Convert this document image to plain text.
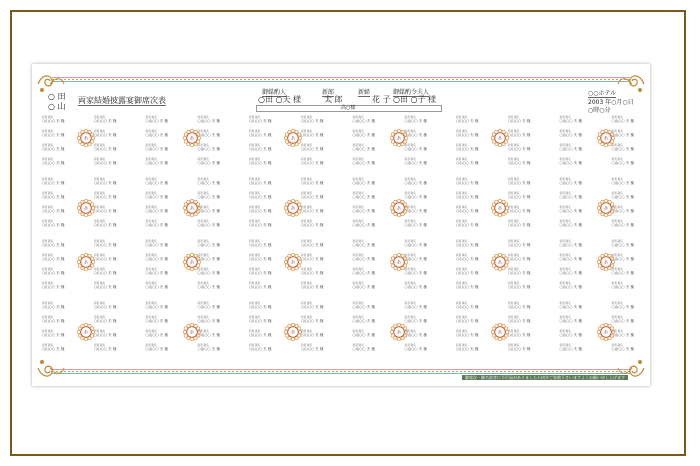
○ 田
○ 山
両家結婚披露宴御席次表
御媒酌人
○田 ○夫 様
新郎
太 郎
新婦
花 子
御媒酌令夫人
○田 ○子 様
○○ホテル
2003 年○月○日
○時○分
高○様
肩書 御名
○山○○ 夫 様
肩書 御名
○山○○ 夫 様
肩書 御名
○山○○ 夫 様
肩書 御名
○山○○ 夫 様
肩書 御名
○山○○ 夫 様
肩書 御名
○山○○ 夫 様
肩書 御名
○山○○ 夫 様
肩書 御名
○山○○ 夫 様
あ
肩書 御名
○山○○ 夫 様
肩書 御名
○山○○ 夫 様
肩書 御名
○山○○ 夫 様
肩書 御名
○山○○ 夫 様
肩書 御名
○山○○ 夫 様
肩書 御名
○山○○ 夫 様
肩書 御名
○山○○ 夫 様
肩書 御名
○山○○ 夫 様
あ
肩書 御名
○山○○ 夫 様
肩書 御名
○山○○ 夫 様
肩書 御名
○山○○ 夫 様
肩書 御名
○山○○ 夫 様
肩書 御名
○山○○ 夫 様
肩書 御名
○山○○ 夫 様
肩書 御名
○山○○ 夫 様
肩書 御名
○山○○ 夫 様
あ
肩書 御名
○山○○ 夫 様
肩書 御名
○山○○ 夫 様
肩書 御名
○山○○ 夫 様
肩書 御名
○山○○ 夫 様
肩書 御名
○山○○ 夫 様
肩書 御名
○山○○ 夫 様
肩書 御名
○山○○ 夫 様
肩書 御名
○山○○ 夫 様
あ
肩書 御名
○山○○ 夫 様
肩書 御名
○山○○ 夫 様
肩書 御名
○山○○ 夫 様
肩書 御名
○山○○ 夫 様
肩書 御名
○山○○ 夫 様
肩書 御名
○山○○ 夫 様
肩書 御名
○山○○ 夫 様
肩書 御名
○山○○ 夫 様
あ
肩書 御名
○山○○ 夫 様
肩書 御名
○山○○ 夫 様
肩書 御名
○山○○ 夫 様
肩書 御名
○山○○ 夫 様
肩書 御名
○山○○ 夫 様
肩書 御名
○山○○ 夫 様
肩書 御名
○山○○ 夫 様
肩書 御名
○山○○ 夫 様
あ
肩書 御名
○山○○ 夫 様
肩書 御名
○山○○ 夫 様
肩書 御名
○山○○ 夫 様
肩書 御名
○山○○ 夫 様
肩書 御名
○山○○ 夫 様
肩書 御名
○山○○ 夫 様
肩書 御名
○山○○ 夫 様
肩書 御名
○山○○ 夫 様
あ
肩書 御名
○山○○ 夫 様
肩書 御名
○山○○ 夫 様
肩書 御名
○山○○ 夫 様
肩書 御名
○山○○ 夫 様
肩書 御名
○山○○ 夫 様
肩書 御名
○山○○ 夫 様
肩書 御名
○山○○ 夫 様
肩書 御名
○山○○ 夫 様
あ
肩書 御名
○山○○ 夫 様
肩書 御名
○山○○ 夫 様
肩書 御名
○山○○ 夫 様
肩書 御名
○山○○ 夫 様
肩書 御名
○山○○ 夫 様
肩書 御名
○山○○ 夫 様
肩書 御名
○山○○ 夫 様
肩書 御名
○山○○ 夫 様
あ
肩書 御名
○山○○ 夫 様
肩書 御名
○山○○ 夫 様
肩書 御名
○山○○ 夫 様
肩書 御名
○山○○ 夫 様
肩書 御名
○山○○ 夫 様
肩書 御名
○山○○ 夫 様
肩書 御名
○山○○ 夫 様
肩書 御名
○山○○ 夫 様
あ
肩書 御名
○山○○ 夫 様
肩書 御名
○山○○ 夫 様
肩書 御名
○山○○ 夫 様
肩書 御名
○山○○ 夫 様
肩書 御名
○山○○ 夫 様
肩書 御名
○山○○ 夫 様
肩書 御名
○山○○ 夫 様
肩書 御名
○山○○ 夫 様
あ
肩書 御名
○山○○ 夫 様
肩書 御名
○山○○ 夫 様
肩書 御名
○山○○ 夫 様
肩書 御名
○山○○ 夫 様
肩書 御名
○山○○ 夫 様
肩書 御名
○山○○ 夫 様
肩書 御名
○山○○ 夫 様
肩書 御名
○山○○ 夫 様
あ
肩書 御名
○山○○ 夫 様
肩書 御名
○山○○ 夫 様
肩書 御名
○山○○ 夫 様
肩書 御名
○山○○ 夫 様
肩書 御名
○山○○ 夫 様
肩書 御名
○山○○ 夫 様
肩書 御名
○山○○ 夫 様
肩書 御名
○山○○ 夫 様
あ
肩書 御名
○山○○ 夫 様
肩書 御名
○山○○ 夫 様
肩書 御名
○山○○ 夫 様
肩書 御名
○山○○ 夫 様
肩書 御名
○山○○ 夫 様
肩書 御名
○山○○ 夫 様
肩書 御名
○山○○ 夫 様
肩書 御名
○山○○ 夫 様
あ
肩書 御名
○山○○ 夫 様
肩書 御名
○山○○ 夫 様
肩書 御名
○山○○ 夫 様
肩書 御名
○山○○ 夫 様
肩書 御名
○山○○ 夫 様
肩書 御名
○山○○ 夫 様
肩書 御名
○山○○ 夫 様
肩書 御名
○山○○ 夫 様
あ
肩書 御名
○山○○ 夫 様
肩書 御名
○山○○ 夫 様
肩書 御名
○山○○ 夫 様
肩書 御名
○山○○ 夫 様
肩書 御名
○山○○ 夫 様
肩書 御名
○山○○ 夫 様
肩書 御名
○山○○ 夫 様
肩書 御名
○山○○ 夫 様
あ
肩書 御名
○山○○ 夫 様
肩書 御名
○山○○ 夫 様
肩書 御名
○山○○ 夫 様
肩書 御名
○山○○ 夫 様
肩書 御名
○山○○ 夫 様
肩書 御名
○山○○ 夫 様
肩書 御名
○山○○ 夫 様
肩書 御名
○山○○ 夫 様
あ
肩書 御名
○山○○ 夫 様
肩書 御名
○山○○ 夫 様
肩書 御名
○山○○ 夫 様
肩書 御名
○山○○ 夫 様
肩書 御名
○山○○ 夫 様
肩書 御名
○山○○ 夫 様
肩書 御名
○山○○ 夫 様
肩書 御名
○山○○ 夫 様
あ
肩書 御名
○山○○ 夫 様
肩書 御名
○山○○ 夫 様
肩書 御名
○山○○ 夫 様
肩書 御名
○山○○ 夫 様
肩書 御名
○山○○ 夫 様
肩書 御名
○山○○ 夫 様
肩書 御名
○山○○ 夫 様
肩書 御名
○山○○ 夫 様
あ
肩書 御名
○山○○ 夫 様
肩書 御名
○山○○ 夫 様
肩書 御名
○山○○ 夫 様
肩書 御名
○山○○ 夫 様
肩書 御名
○山○○ 夫 様
肩書 御名
○山○○ 夫 様
肩書 御名
○山○○ 夫 様
肩書 御名
○山○○ 夫 様
あ
肩書 御名
○山○○ 夫 様
肩書 御名
○山○○ 夫 様
肩書 御名
○山○○ 夫 様
肩書 御名
○山○○ 夫 様
肩書 御名
○山○○ 夫 様
肩書 御名
○山○○ 夫 様
肩書 御名
○山○○ 夫 様
肩書 御名
○山○○ 夫 様
あ
肩書 御名
○山○○ 夫 様
肩書 御名
○山○○ 夫 様
肩書 御名
○山○○ 夫 様
肩書 御名
○山○○ 夫 様
肩書 御名
○山○○ 夫 様
肩書 御名
○山○○ 夫 様
肩書 御名
○山○○ 夫 様
肩書 御名
○山○○ 夫 様
あ
肩書 御名
○山○○ 夫 様
肩書 御名
○山○○ 夫 様
肩書 御名
○山○○ 夫 様
肩書 御名
○山○○ 夫 様
肩書 御名
○山○○ 夫 様
肩書 御名
○山○○ 夫 様
肩書 御名
○山○○ 夫 様
肩書 御名
○山○○ 夫 様
あ
肩書 御名
○山○○ 夫 様
肩書 御名
○山○○ 夫 様
肩書 御名
○山○○ 夫 様
肩書 御名
○山○○ 夫 様
肩書 御名
○山○○ 夫 様
肩書 御名
○山○○ 夫 様
肩書 御名
○山○○ 夫 様
肩書 御名
○山○○ 夫 様
あ
御席次・御名前等に不行届がありましたら何卒ご容赦下さいますようお願い申し上げます
